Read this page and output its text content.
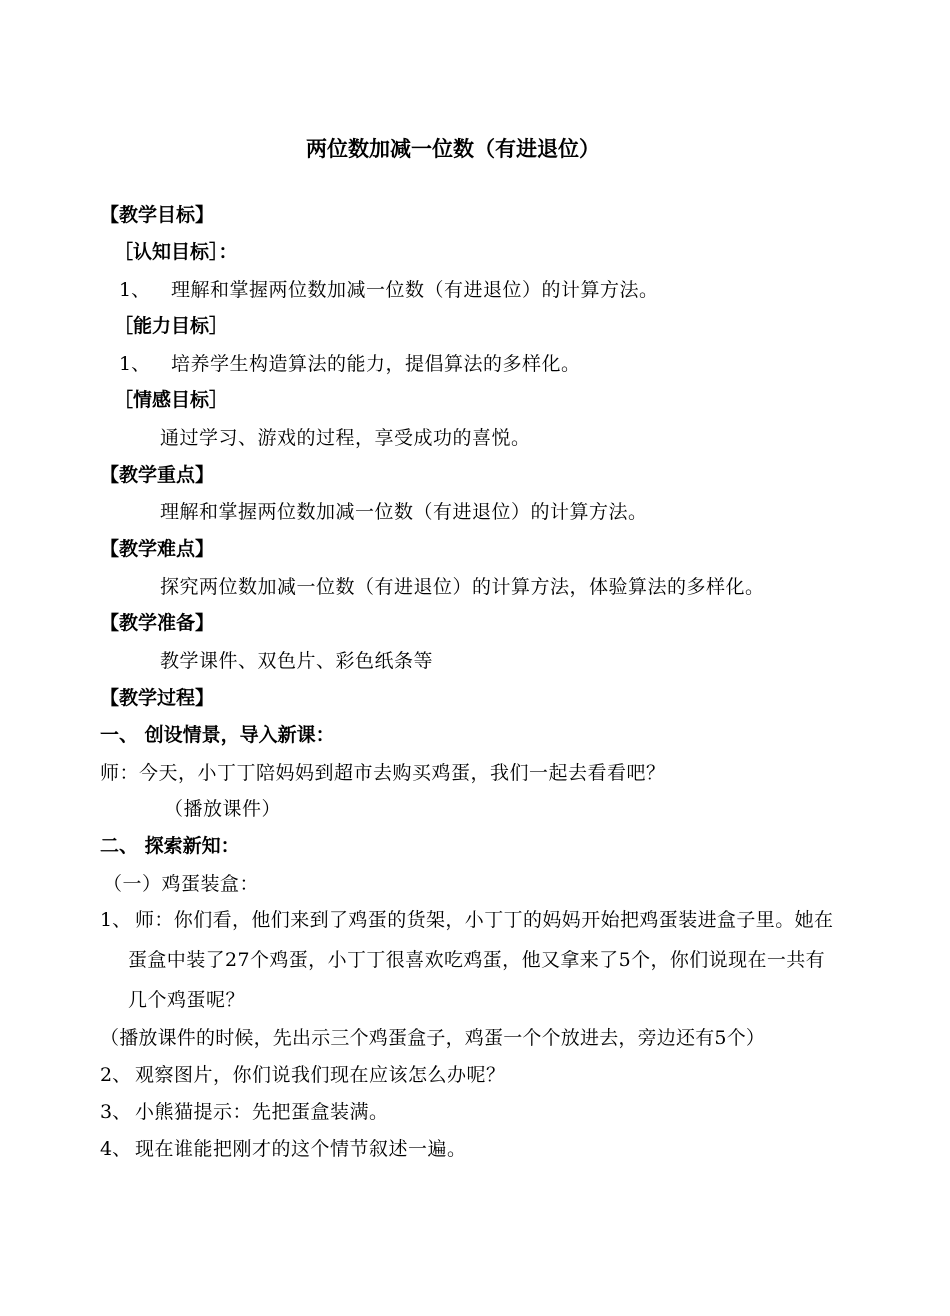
两位数加减一位数（有进退位）
【教学目标】
［认知目标］：
1、 理解和掌握两位数加减一位数（有进退位）的计算方法。
［能力目标］
1、 培养学生构造算法的能力，提倡算法的多样化。
［情感目标］
通过学习、游戏的过程，享受成功的喜悦。
【教学重点】
理解和掌握两位数加减一位数（有进退位）的计算方法。
【教学难点】
探究两位数加减一位数（有进退位）的计算方法，体验算法的多样化。
【教学准备】
教学课件、双色片、彩色纸条等
【教学过程】
一、 创设情景，导入新课：
师：今天，小丁丁陪妈妈到超市去购买鸡蛋，我们一起去看看吧？
（播放课件）
二、 探索新知：
（一）鸡蛋装盒：
1、 师：你们看，他们来到了鸡蛋的货架，小丁丁的妈妈开始把鸡蛋装进盒子里。她在
蛋盒中装了27个鸡蛋，小丁丁很喜欢吃鸡蛋，他又拿来了5个，你们说现在一共有
几个鸡蛋呢？
（播放课件的时候，先出示三个鸡蛋盒子，鸡蛋一个个放进去，旁边还有5个）
2、 观察图片，你们说我们现在应该怎么办呢？
3、 小熊猫提示：先把蛋盒装满。
4、 现在谁能把刚才的这个情节叙述一遍。
